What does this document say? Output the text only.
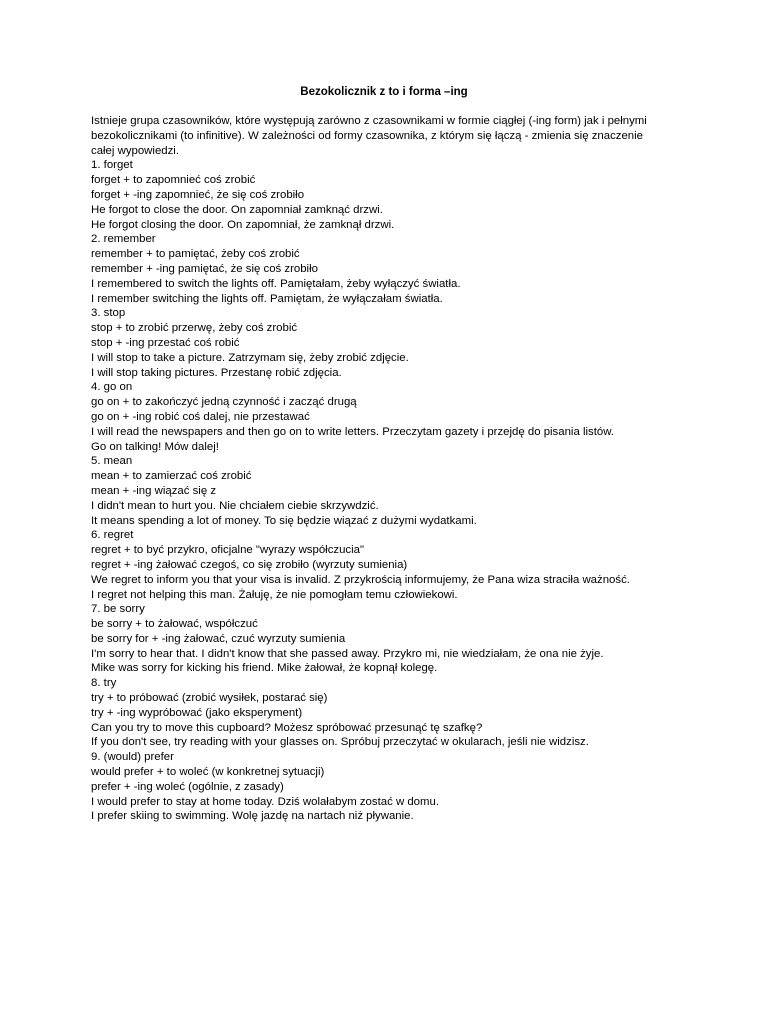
Bezokolicznik z to i forma –ing

Istnieje grupa czasowników, które występują zarówno z czasownikami w formie ciągłej (-ing form) jak i pełnymi
bezokolicznikami (to infinitive). W zależności od formy czasownika, z którym się łączą - zmienia się znaczenie
całej wypowiedzi.

1. forget
forget + to zapomnieć coś zrobić
forget + -ing zapomnieć, że się coś zrobiło
He forgot to close the door. On zapomniał zamknąć drzwi.
He forgot closing the door. On zapomniał, że zamknął drzwi.
2. remember
remember + to pamiętać, żeby coś zrobić
remember + -ing pamiętać, że się coś zrobiło
I remembered to switch the lights off. Pamiętałam, żeby wyłączyć światła.
I remember switching the lights off. Pamiętam, że wyłączałam światła.
3. stop
stop + to zrobić przerwę, żeby coś zrobić
stop + -ing przestać coś robić
I will stop to take a picture. Zatrzymam się, żeby zrobić zdjęcie.
I will stop taking pictures. Przestanę robić zdjęcia.
4. go on
go on + to zakończyć jedną czynność i zacząć drugą
go on + -ing robić coś dalej, nie przestawać
I will read the newspapers and then go on to write letters. Przeczytam gazety i przejdę do pisania listów.
Go on talking! Mów dalej!
5. mean
mean + to zamierzać coś zrobić
mean + -ing wiązać się z
I didn't mean to hurt you. Nie chciałem ciebie skrzywdzić.
It means spending a lot of money. To się będzie wiązać z dużymi wydatkami.
6. regret
regret + to być przykro, oficjalne "wyrazy współczucia"
regret + -ing żałować czegoś, co się zrobiło (wyrzuty sumienia)
We regret to inform you that your visa is invalid. Z przykrością informujemy, że Pana wiza straciła ważność.
I regret not helping this man. Żałuję, że nie pomogłam temu człowiekowi.
7. be sorry
be sorry + to żałować, współczuć
be sorry for + -ing żałować, czuć wyrzuty sumienia
I'm sorry to hear that. I didn't know that she passed away. Przykro mi, nie wiedziałam, że ona nie żyje.
Mike was sorry for kicking his friend. Mike żałował, że kopnął kolegę.
8. try
try + to próbować (zrobić wysiłek, postarać się)
try + -ing wypróbować (jako eksperyment)
Can you try to move this cupboard? Możesz spróbować przesunąć tę szafkę?
If you don't see, try reading with your glasses on. Spróbuj przeczytać w okularach, jeśli nie widzisz.
9. (would) prefer
would prefer + to woleć (w konkretnej sytuacji)
prefer + -ing woleć (ogólnie, z zasady)
I would prefer to stay at home today. Dziś wolałabym zostać w domu.
I prefer skiing to swimming. Wolę jazdę na nartach niż pływanie.
